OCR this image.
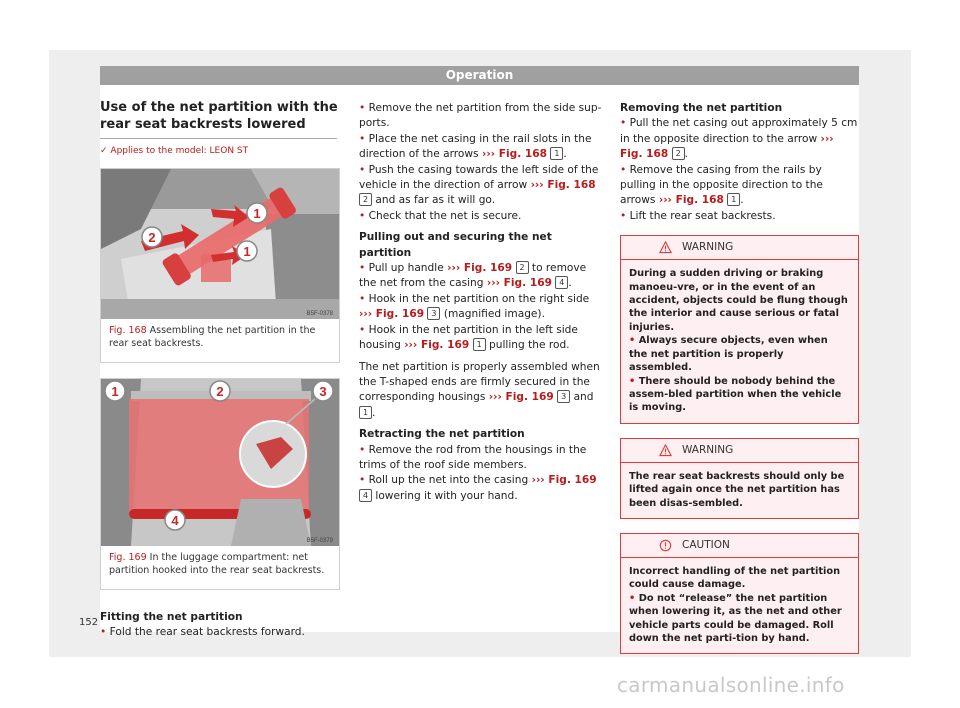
Operation
Use of the net partition with the rear seat backrests lowered
✓ Applies to the model: LEON ST
1
2
1
B5F-0378
Fig. 168 Assembling the net partition in the rear seat backrests.
1	2	3
4
B5F-0379
Fig. 169 In the luggage compartment: net partition hooked into the rear seat backrests.

Fitting the net partition

• Fold the rear seat backrests forward.

• Remove the net partition from the side sup-ports.

• Place the net casing in the rail slots in the direction of the arrows ››› Fig. 168 1 .

• Push the casing towards the left side of the vehicle in the direction of arrow ››› Fig. 168 2 and as far as it will go.

• Check that the net is secure.

Pulling out and securing the net partition

• Pull up handle ››› Fig. 169 2 to remove the net from the casing ››› Fig. 169 4 .

• Hook in the net partition on the right side ››› Fig. 169 3 (magnified image).

• Hook in the net partition in the left side housing ››› Fig. 169 1 pulling the rod.

The net partition is properly assembled when the T-shaped ends are firmly secured in the corresponding housings ››› Fig. 169 3 and 1 .

Retracting the net partition

• Remove the rod from the housings in the trims of the roof side members.

• Roll up the net into the casing ››› Fig. 169 4 lowering it with your hand.

Removing the net partition

• Pull the net casing out approximately 5 cm in the opposite direction to the arrow ››› Fig. 168 2 .

• Remove the casing from the rails by pulling in the opposite direction to the arrows ››› Fig. 168 1 .

• Lift the rear seat backrests.

WARNING

During a sudden driving or braking manoeu-vre, or in the event of an accident, objects could be flung though the interior and cause serious or fatal injuries.

• Always secure objects, even when the net partition is properly assembled.

• There should be nobody behind the assem-bled partition when the vehicle is moving.

WARNING

The rear seat backrests should only be lifted again once the net partition has been disas-sembled.

CAUTION

Incorrect handling of the net partition could cause damage.

• Do not “release” the net partition when lowering it, as the net and other vehicle parts could be damaged. Roll down the net parti-tion by hand.

152
carmanualsonline.info
